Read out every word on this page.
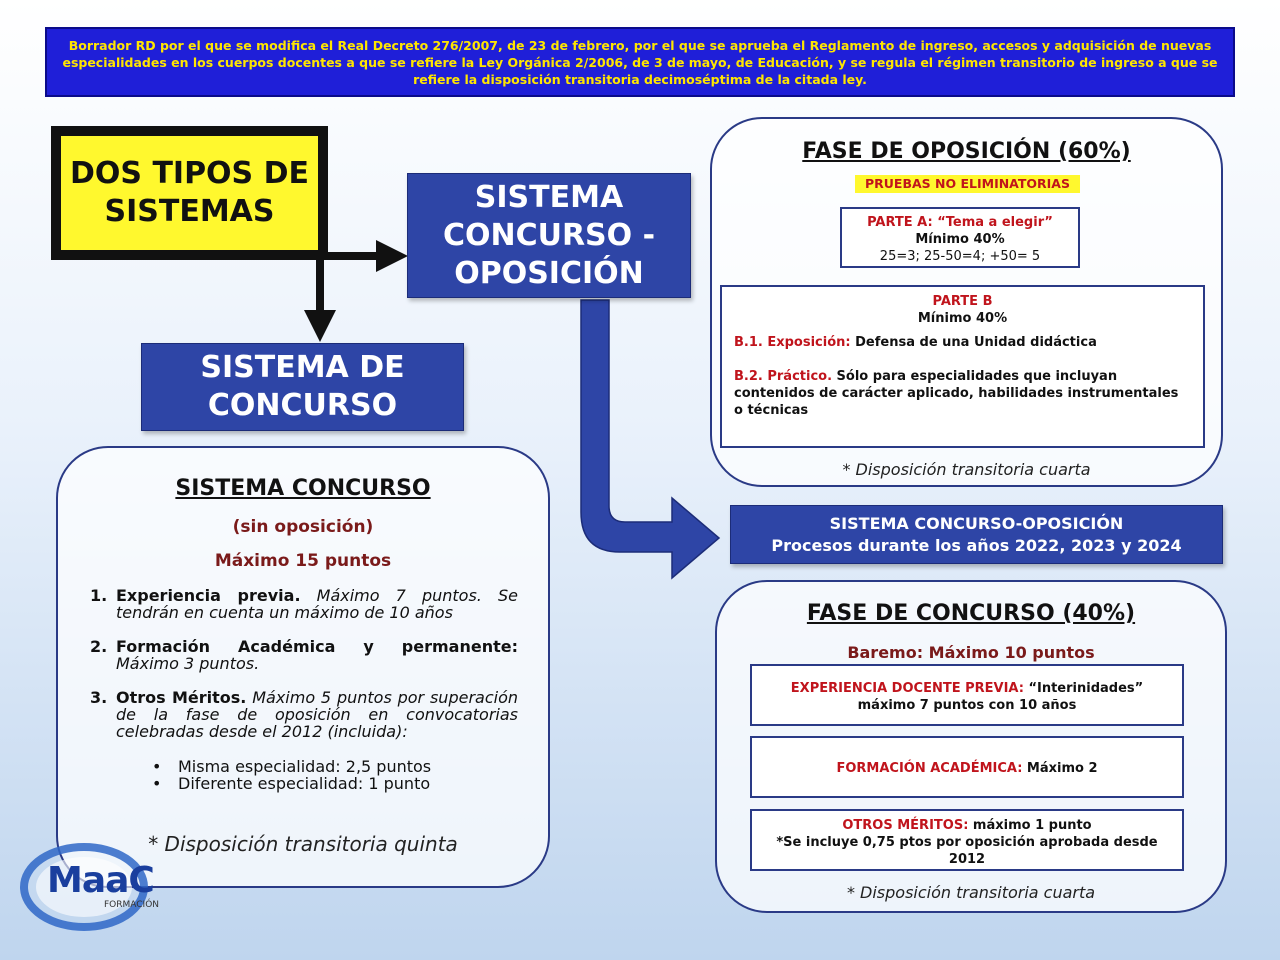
Borrador RD por el que se modifica el Real Decreto 276/2007, de 23 de febrero, por el que se aprueba el Reglamento de ingreso, accesos y adquisición de nuevas especialidades en los cuerpos docentes a que se refiere la Ley Orgánica 2/2006, de 3 de mayo, de Educación, y se regula el régimen transitorio de ingreso a que se refiere la disposición transitoria decimoséptima de la citada ley.
DOS TIPOS DE
SISTEMAS	SISTEMA
CONCURSO -
OPOSICIÓN
SISTEMA DE
CONCURSO
SISTEMA CONCURSO
(sin oposición)
Máximo 15 puntos
1. Experiencia previa. Máximo 7 puntos. Se tendrán en cuenta un máximo de 10 años
2. Formación Académica y permanente: Máximo 3 puntos.
3. Otros Méritos. Máximo 5 puntos por superación de la fase de oposición en convocatorias celebradas desde el 2012 (incluida):
• Misma especialidad: 2,5 puntos
• Diferente especialidad: 1 punto
* Disposición transitoria quinta
FASE DE OPOSICIÓN (60%)
PRUEBAS NO ELIMINATORIAS
PARTE A: “Tema a elegir”
Mínimo 40%
25=3; 25-50=4; +50= 5
PARTE B
Mínimo 40%
B.1. Exposición: Defensa de una Unidad didáctica
B.2. Práctico. Sólo para especialidades que incluyan contenidos de carácter aplicado, habilidades instrumentales o técnicas
* Disposición transitoria cuarta
SISTEMA CONCURSO-OPOSICIÓN
Procesos durante los años 2022, 2023 y 2024
FASE DE CONCURSO (40%)
Baremo: Máximo 10 puntos
EXPERIENCIA DOCENTE PREVIA: “Interinidades”
máximo 7 puntos con 10 años
FORMACIÓN ACADÉMICA: Máximo 2
OTROS MÉRITOS: máximo 1 punto
*Se incluye 0,75 ptos por oposición aprobada desde 2012
* Disposición transitoria cuarta
MaaC
FORMACIÓN
